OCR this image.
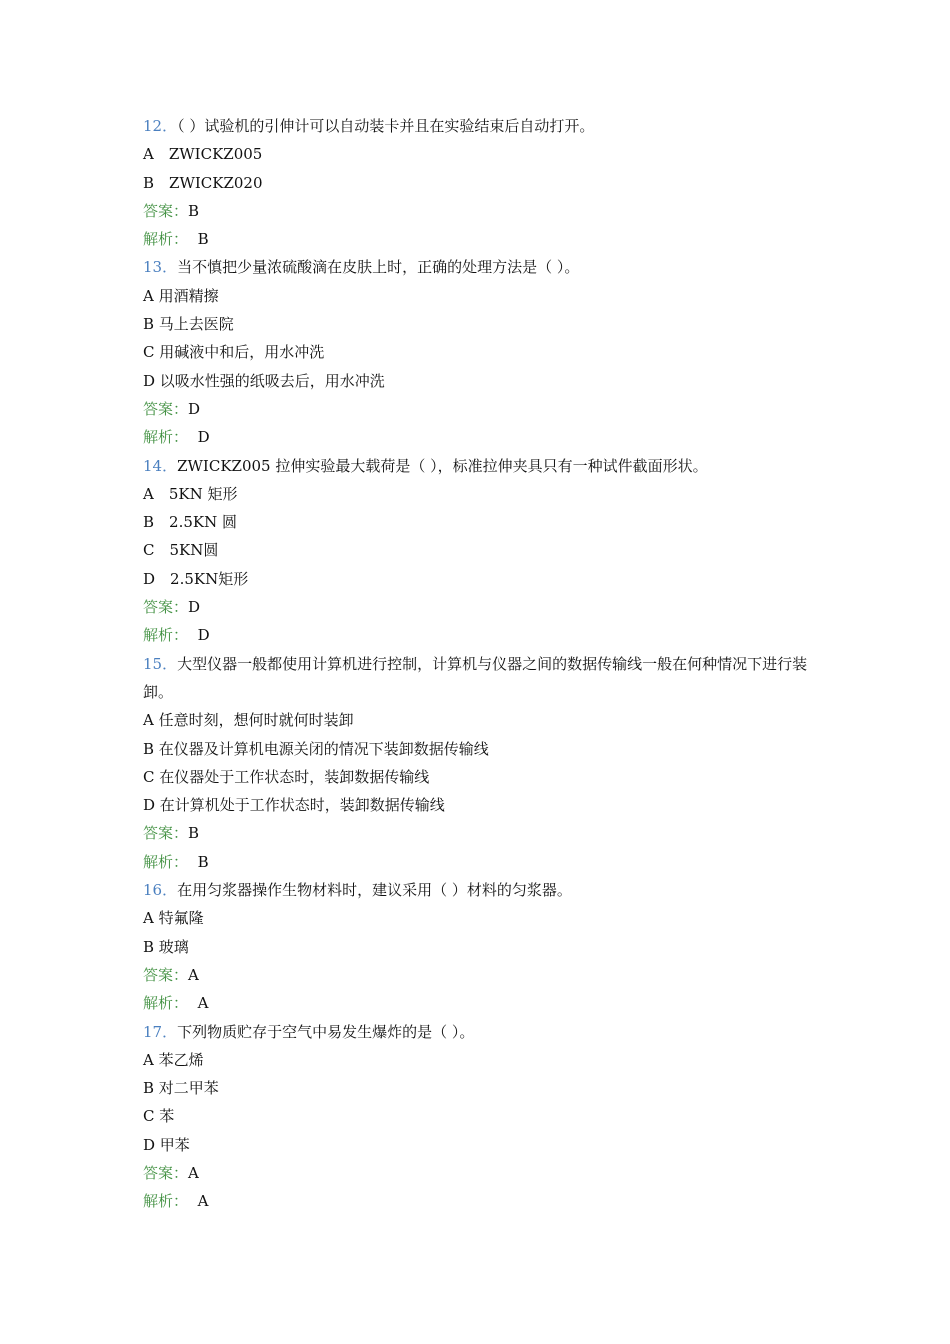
12．（ ）试验机的引伸计可以自动装卡并且在实验结束后自动打开。
A　ZWICKZ005
B　ZWICKZ020
答案：B
解析： B
13．当不慎把少量浓硫酸滴在皮肤上时，正确的处理方法是（ ）。
A 用酒精擦
B 马上去医院
C 用碱液中和后，用水冲洗
D 以吸水性强的纸吸去后，用水冲洗
答案：D
解析： D
14．ZWICKZ005 拉伸实验最大载荷是（ ），标准拉伸夹具只有一种试件截面形状。
A　5KN 矩形
B　2.5KN 圆
C　5KN圆
D　2.5KN矩形
答案：D
解析： D
15．大型仪器一般都使用计算机进行控制，计算机与仪器之间的数据传输线一般在何种情况下进行装卸。
A 任意时刻，想何时就何时装卸
B 在仪器及计算机电源关闭的情况下装卸数据传输线
C 在仪器处于工作状态时，装卸数据传输线
D 在计算机处于工作状态时，装卸数据传输线
答案：B
解析： B
16．在用匀浆器操作生物材料时，建议采用（ ）材料的匀浆器。
A 特氟隆
B 玻璃
答案：A
解析： A
17．下列物质贮存于空气中易发生爆炸的是（ ）。
A 苯乙烯
B 对二甲苯
C 苯
D 甲苯
答案：A
解析： A
